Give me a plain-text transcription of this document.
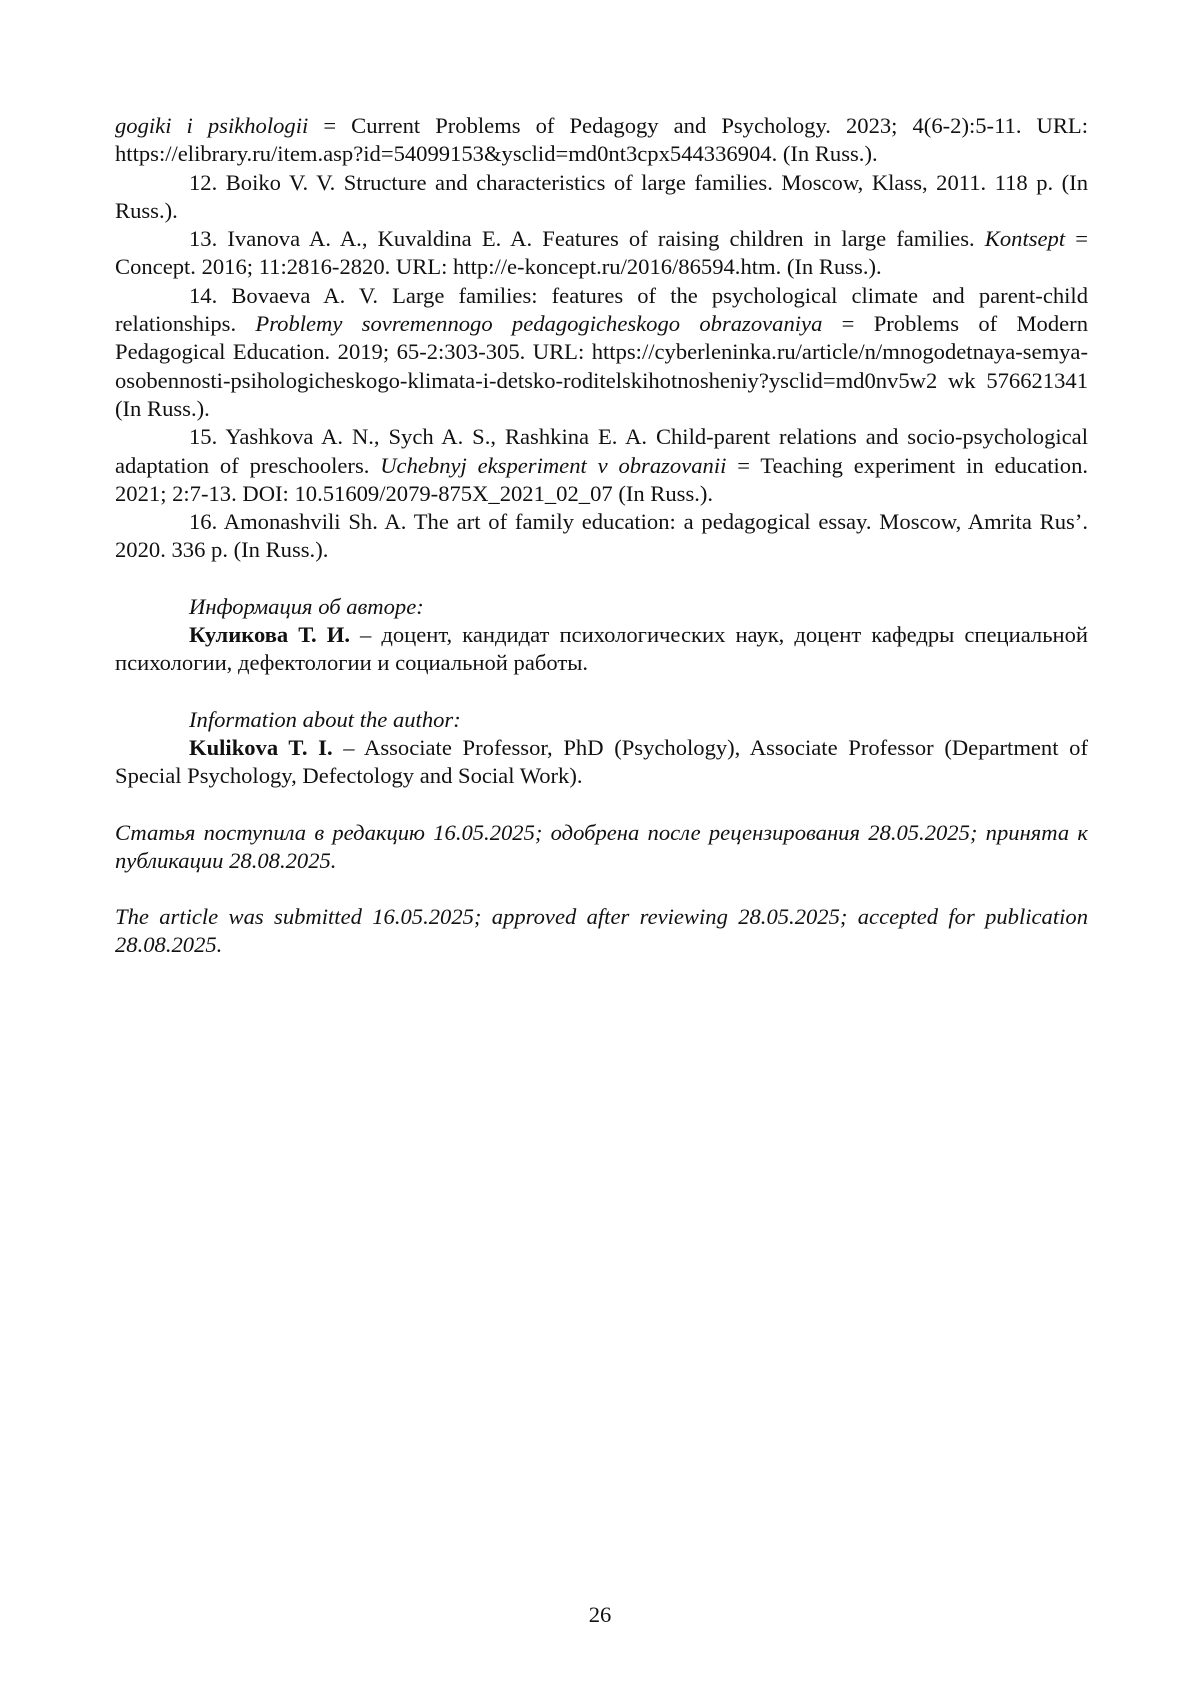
gogiki i psikhologii = Current Problems of Pedagogy and Psychology. 2023; 4(6-2):5-11. URL: https://elibrary.ru/item.asp?id=54099153&ysclid=md0nt3cpx544336904. (In Russ.).

12. Boiko V. V. Structure and characteristics of large families. Moscow, Klass, 2011. 118 p. (In Russ.).

13. Ivanova A. A., Kuvaldina E. A. Features of raising children in large families. Kontsept = Concept. 2016; 11:2816-2820. URL: http://e-koncept.ru/2016/86594.htm. (In Russ.).

14. Bovaeva A. V. Large families: features of the psychological climate and parent-child relationships. Problemy sovremennogo pedagogicheskogo obrazovaniya = Problems of Modern Pedagogical Education. 2019; 65-2:303-305. URL: https://cyberleninka.ru/article/n/mnogodetnaya-semya-osobennosti-psihologicheskogo-klimata-i-detsko-roditelskihotnosheniy?ysclid=md0nv5w2 wk 576621341 (In Russ.).

15. Yashkova A. N., Sych A. S., Rashkina E. A. Child-parent relations and socio-psychological adaptation of preschoolers. Uchebnyj eksperiment v obrazovanii = Teaching experiment in education. 2021; 2:7-13. DOI: 10.51609/2079-875X_2021_02_07 (In Russ.).

16. Amonashvili Sh. A. The art of family education: a pedagogical essay. Moscow, Amrita Rus’. 2020. 336 p. (In Russ.).

Информация об авторе:

Куликова Т. И. – доцент, кандидат психологических наук, доцент кафедры специальной психологии, дефектологии и социальной работы.

Information about the author:

Kulikova T. I. – Associate Professor, PhD (Psychology), Associate Professor (Department of Special Psychology, Defectology and Social Work).

Статья поступила в редакцию 16.05.2025; одобрена после рецензирования 28.05.2025; принята к публикации 28.08.2025.

The article was submitted 16.05.2025; approved after reviewing 28.05.2025; accepted for publication 28.08.2025.

26
